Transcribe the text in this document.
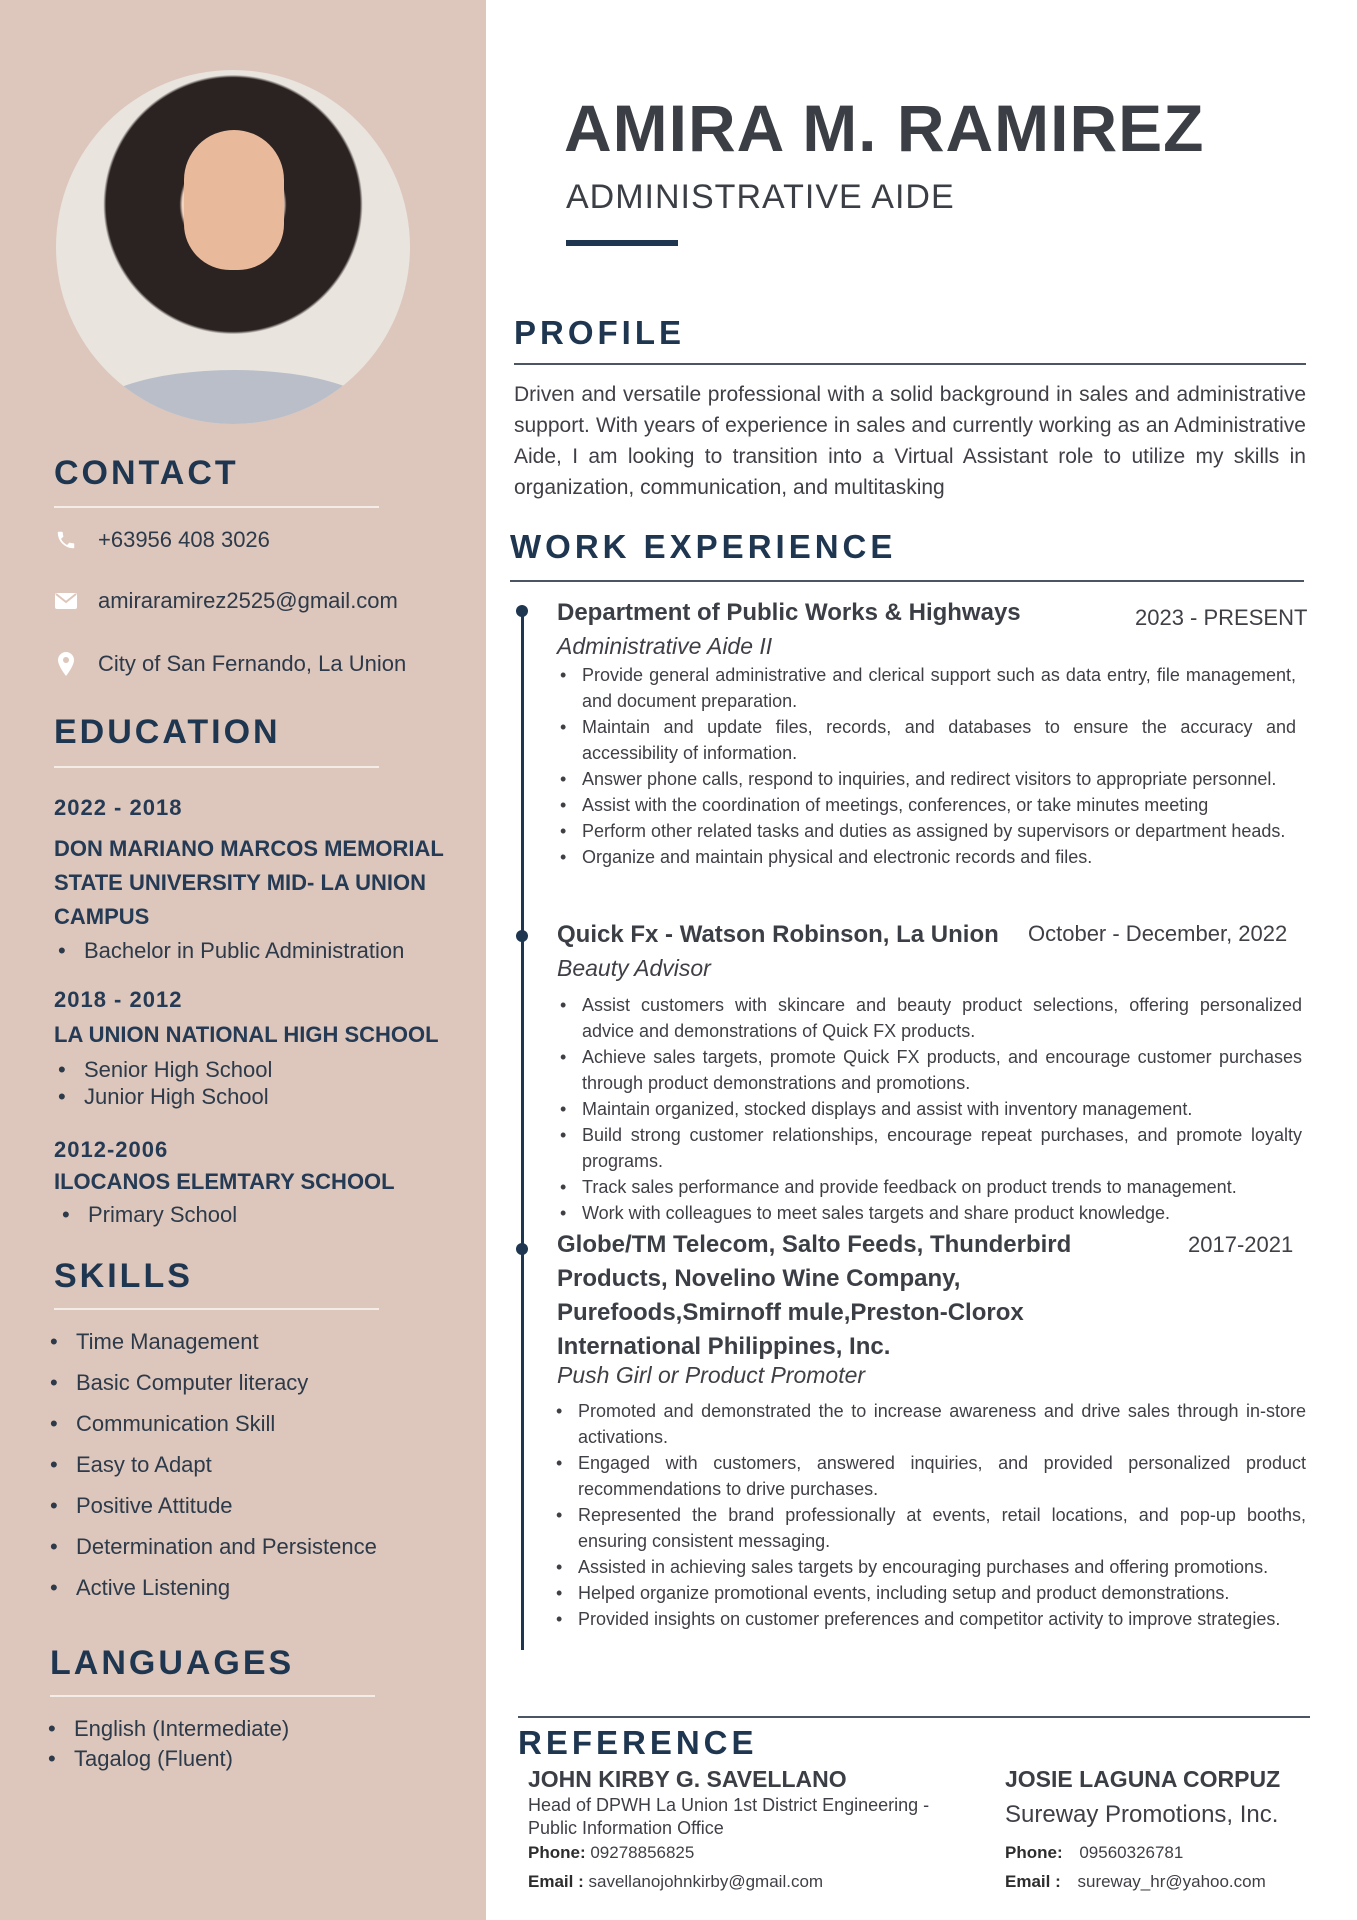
CONTACT
+63956 408 3026
amiraramirez2525@gmail.com
City of San Fernando, La Union
EDUCATION
2022 - 2018
DON MARIANO MARCOS MEMORIAL STATE UNIVERSITY MID- LA UNION CAMPUS
• Bachelor in Public Administration
2018 - 2012
LA UNION NATIONAL HIGH SCHOOL
• Senior High School
• Junior High School
2012-2006
ILOCANOS ELEMTARY SCHOOL
• Primary School
SKILLS
• Time Management
• Basic Computer literacy
• Communication Skill
• Easy to Adapt
• Positive Attitude
• Determination and Persistence
• Active Listening
LANGUAGES
• English (Intermediate)
• Tagalog (Fluent)
AMIRA M. RAMIREZ
ADMINISTRATIVE AIDE
PROFILE
Driven and versatile professional with a solid background in sales and administrative support. With years of experience in sales and currently working as an Administrative Aide, I am looking to transition into a Virtual Assistant role to utilize my skills in organization, communication, and multitasking
WORK EXPERIENCE
Department of Public Works & Highways	2023 - PRESENT
Administrative Aide II
• Provide general administrative and clerical support such as data entry, file management, and document preparation.
• Maintain and update files, records, and databases to ensure the accuracy and accessibility of information.
• Answer phone calls, respond to inquiries, and redirect visitors to appropriate personnel.
• Assist with the coordination of meetings, conferences, or take minutes meeting
• Perform other related tasks and duties as assigned by supervisors or department heads.
• Organize and maintain physical and electronic records and files.
Quick Fx - Watson Robinson, La Union	October - December, 2022
Beauty Advisor
• Assist customers with skincare and beauty product selections, offering personalized advice and demonstrations of Quick FX products.
• Achieve sales targets, promote Quick FX products, and encourage customer purchases through product demonstrations and promotions.
• Maintain organized, stocked displays and assist with inventory management.
• Build strong customer relationships, encourage repeat purchases, and promote loyalty programs.
• Track sales performance and provide feedback on product trends to management.
• Work with colleagues to meet sales targets and share product knowledge.
Globe/TM Telecom, Salto Feeds, Thunderbird Products, Novelino Wine Company, Purefoods,Smirnoff mule,Preston-Clorox International Philippines, Inc.
2017-2021
Push Girl or Product Promoter
• Promoted and demonstrated the to increase awareness and drive sales through in-store activations.
• Engaged with customers, answered inquiries, and provided personalized product recommendations to drive purchases.
• Represented the brand professionally at events, retail locations, and pop-up booths, ensuring consistent messaging.
• Assisted in achieving sales targets by encouraging purchases and offering promotions.
• Helped organize promotional events, including setup and product demonstrations.
• Provided insights on customer preferences and competitor activity to improve strategies.
REFERENCE
JOHN KIRBY G. SAVELLANO
Head of DPWH La Union 1st District Engineering - Public Information Office
Phone: 09278856825
Email : savellanojohnkirby@gmail.com
JOSIE LAGUNA CORPUZ
Sureway Promotions, Inc.
Phone: 09560326781
Email : sureway_hr@yahoo.com
